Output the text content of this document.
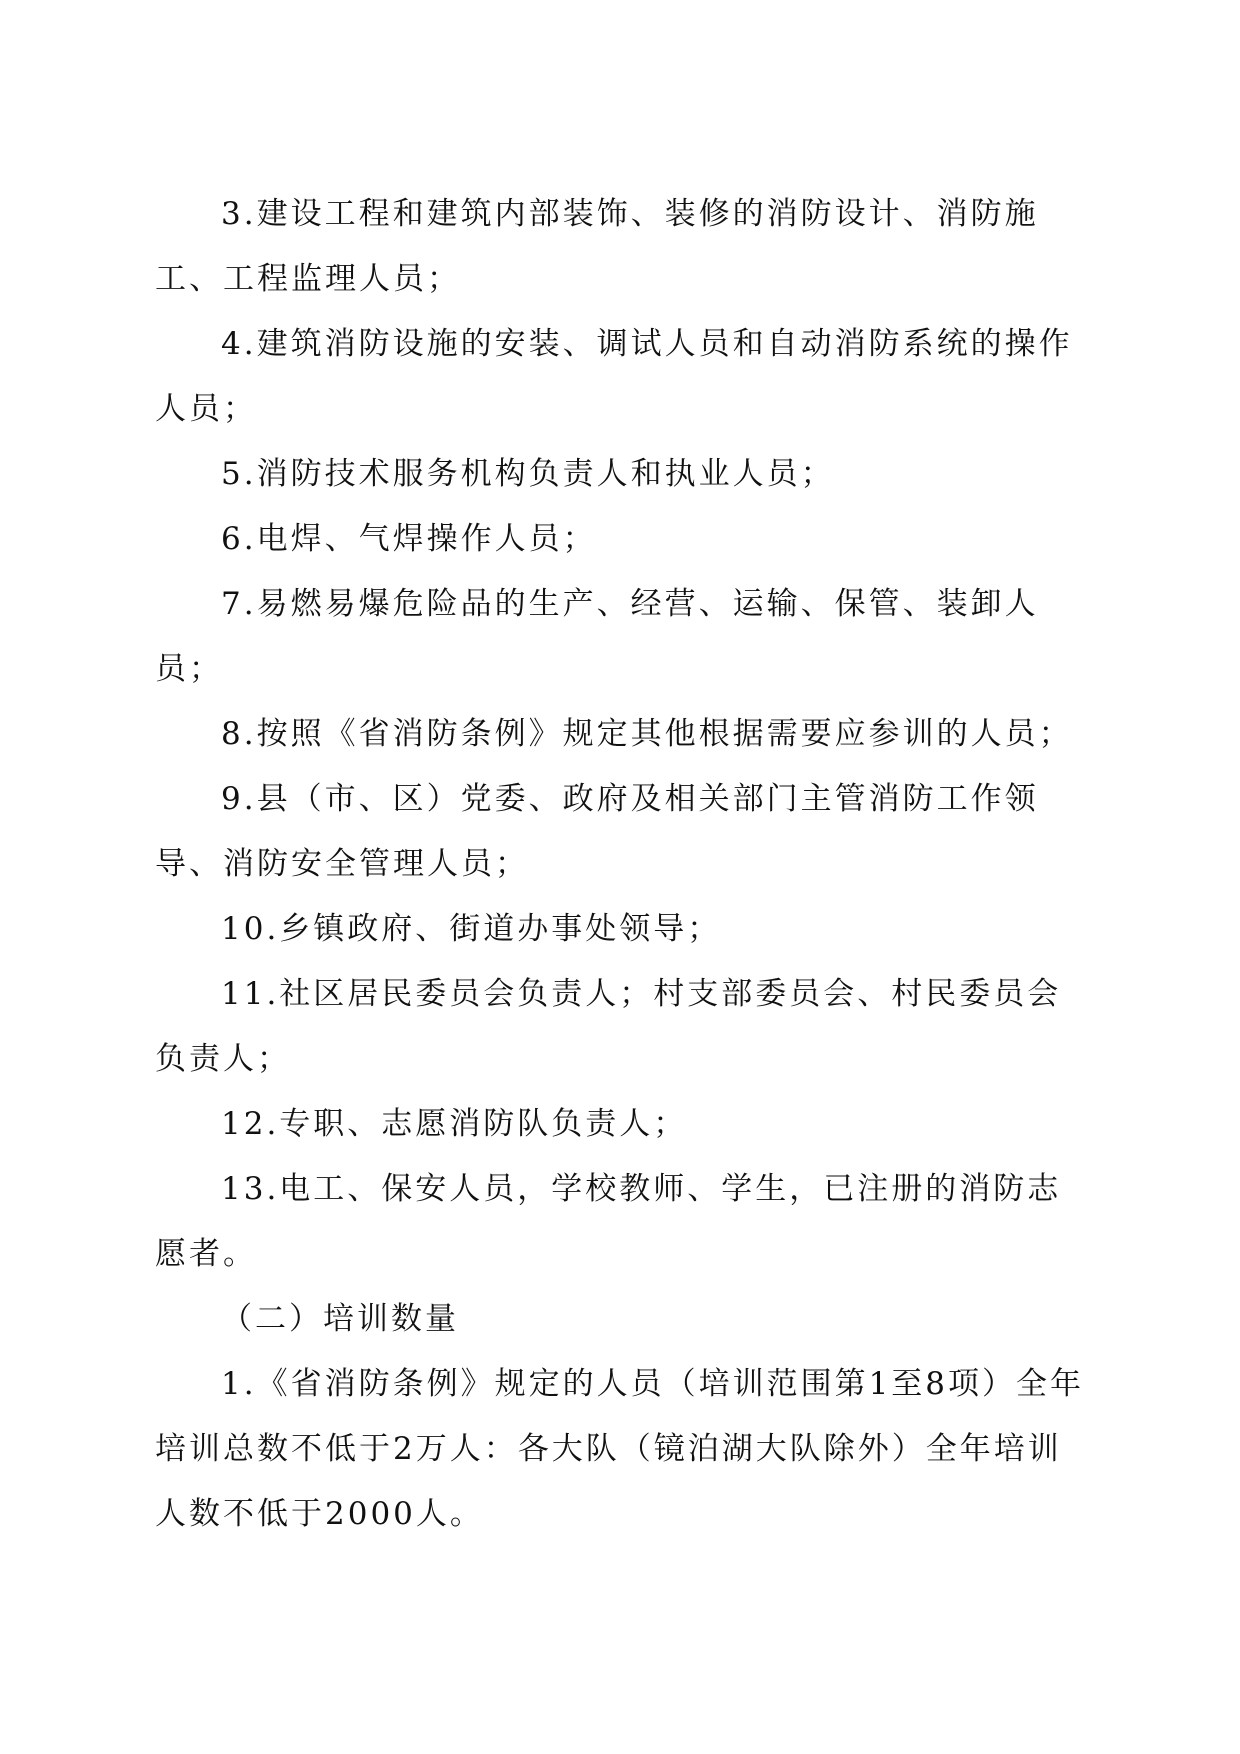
3.建设工程和建筑内部装饰、装修的消防设计、消防施工、工程监理人员；

4.建筑消防设施的安装、调试人员和自动消防系统的操作人员；

5.消防技术服务机构负责人和执业人员；

6.电焊、气焊操作人员；

7.易燃易爆危险品的生产、经营、运输、保管、装卸人员；

8.按照《省消防条例》规定其他根据需要应参训的人员；

9.县（市、区）党委、政府及相关部门主管消防工作领导、消防安全管理人员；

10.乡镇政府、街道办事处领导；

11.社区居民委员会负责人；村支部委员会、村民委员会负责人；

12.专职、志愿消防队负责人；

13.电工、保安人员，学校教师、学生，已注册的消防志愿者。

（二）培训数量

1.《省消防条例》规定的人员（培训范围第1至8项）全年培训总数不低于2万人：各大队（镜泊湖大队除外）全年培训人数不低于2000人。
